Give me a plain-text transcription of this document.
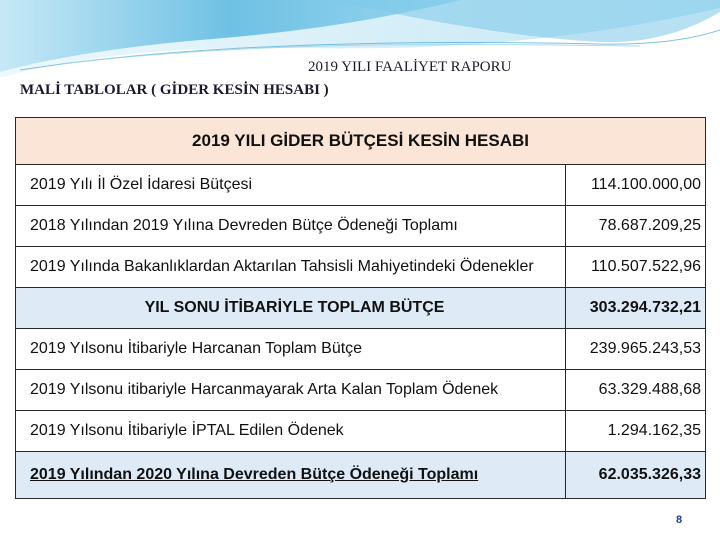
2019 YILI FAALİYET RAPORU
MALİ TABLOLAR ( GİDER KESİN HESABI )
2019 YILI GİDER BÜTÇESİ KESİN HESABI	
2019 Yılı İl Özel İdaresi Bütçesi	114.100.000,00
2018 Yılından 2019 Yılına Devreden Bütçe Ödeneği Toplamı	78.687.209,25
2019 Yılında Bakanlıklardan Aktarılan Tahsisli Mahiyetindeki Ödenekler	110.507.522,96
YIL SONU İTİBARİYLE TOPLAM BÜTÇE	303.294.732,21
2019 Yılsonu İtibariyle Harcanan Toplam Bütçe	239.965.243,53
2019 Yılsonu itibariyle Harcanmayarak Arta Kalan Toplam Ödenek	63.329.488,68
2019 Yılsonu İtibariyle İPTAL Edilen Ödenek	1.294.162,35
2019 Yılından 2020 Yılına Devreden Bütçe Ödeneği Toplamı	62.035.326,33
8
